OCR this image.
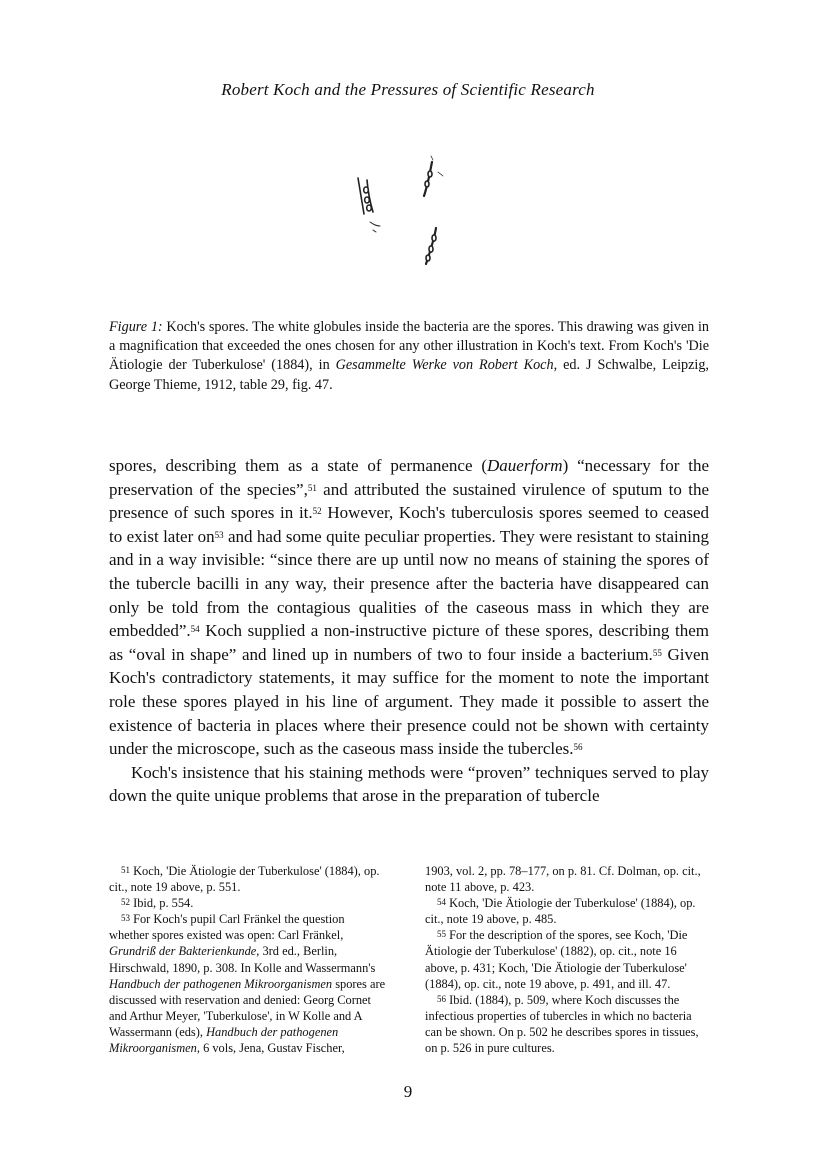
Robert Koch and the Pressures of Scientific Research
Figure 1: Koch's spores. The white globules inside the bacteria are the spores. This drawing was given in a magnification that exceeded the ones chosen for any other illustration in Koch's text. From Koch's 'Die Ätiologie der Tuberkulose' (1884), in Gesammelte Werke von Robert Koch, ed. J Schwalbe, Leipzig, George Thieme, 1912, table 29, fig. 47.

spores, describing them as a state of permanence (Dauerform) “necessary for the preservation of the species”,$^{51}$ and attributed the sustained virulence of sputum to the presence of such spores in it.$^{52}$ However, Koch's tuberculosis spores seemed to ceased to exist later $on^{53}$ and had some quite peculiar properties. They were resistant to staining and in a way invisible: “since there are up until now no means of staining the spores of the tubercle bacilli in any way, their presence after the bacteria have disappeared can only be told from the contagious qualities of the caseous mass in which they are embedded”.$^{54}$ Koch supplied a non-instructive picture of these spores, describing them as “oval in shape” and lined up in numbers of two to four inside a bacterium.$^{55}$ Given Koch's contradictory statements, it may suffice for the moment to note the important role these spores played in his line of argument. They made it possible to assert the existence of bacteria in places where their presence could not be shown with certainty under the microscope, such as the caseous mass inside the tubercles.$^{56}$

Koch's insistence that his staining methods were “proven” techniques served to play down the quite unique problems that arose in the preparation of tubercle

$^{51}$ Koch, 'Die Ätiologie der Tuberkulose' (1884), op. cit., note 19 above, p. 551.

$^{52}$ Ibid, p. 554.

$^{53}$ For Koch's pupil Carl Fränkel the question whether spores existed was open: Carl Fränkel, Grundriß der Bakterienkunde, 3rd ed., Berlin, Hirschwald, 1890, p. 308. In Kolle and Wassermann's Handbuch der pathogenen Mikroorganismen spores are discussed with reservation and denied: Georg Cornet and Arthur Meyer, 'Tuberkulose', in W Kolle and A Wassermann (eds), Handbuch der pathogenen Mikroorganismen, 6 vols, Jena, Gustav Fischer,

1903, vol. 2, pp. 78–177, on p. 81. Cf. Dolman, op. cit., note 11 above, p. 423.

$^{54}$ Koch, 'Die Ätiologie der Tuberkulose' (1884), op. cit., note 19 above, p. 485.

$^{55}$ For the description of the spores, see Koch, 'Die Ätiologie der Tuberkulose' (1882), op. cit., note 16 above, p. 431; Koch, 'Die Ätiologie der Tuberkulose' (1884), op. cit., note 19 above, p. 491, and ill. 47.

$^{56}$ Ibid. (1884), p. 509, where Koch discusses the infectious properties of tubercles in which no bacteria can be shown. On p. 502 he describes spores in tissues, on p. 526 in pure cultures.

9
